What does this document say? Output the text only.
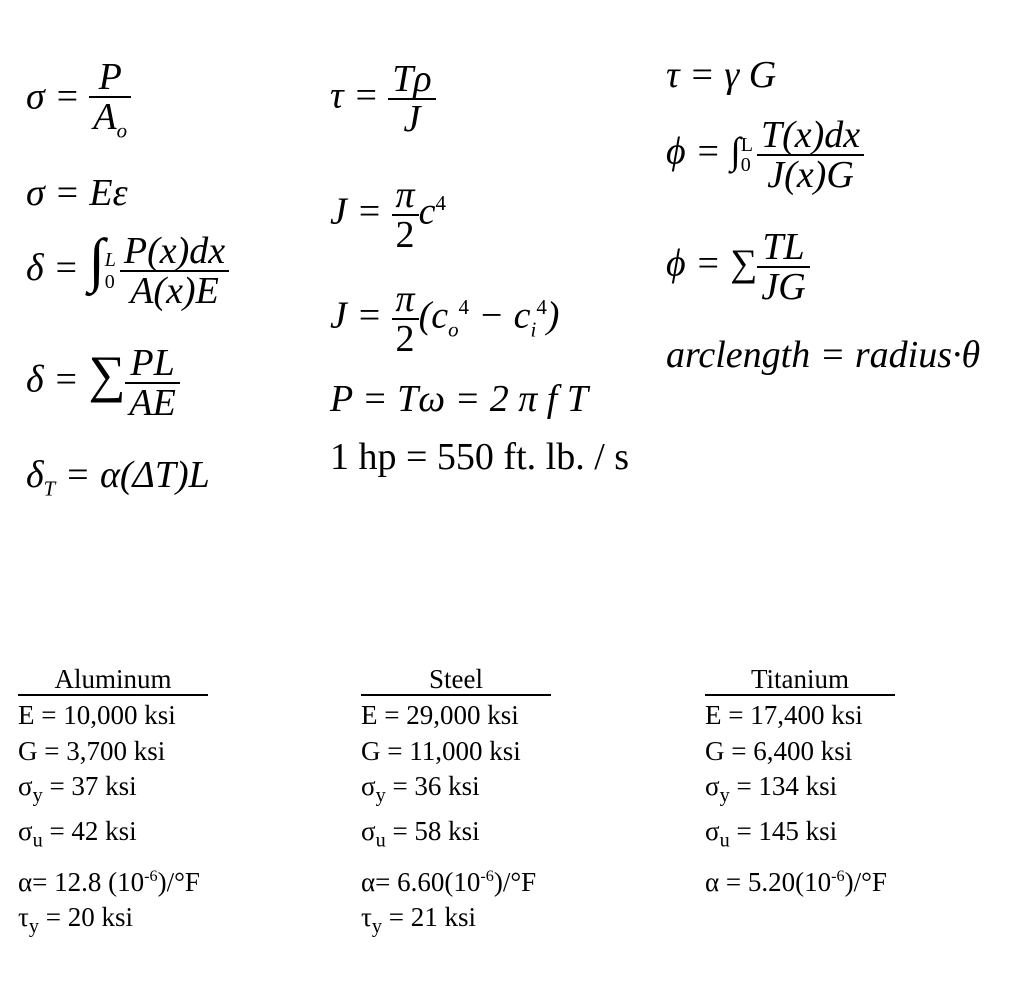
$\sigma = \frac{P}{A_o}$
σ = Eε
δ = ∫ L
$0 \frac{P(x)dx}{A(x)E}$
δ = ∑ $\frac{PL}{AE}$
$\delta_T = \alpha(\Delta T)L$
$\tau = \frac{T\rho}{J}$
$J = \frac{\pi}{2} c^4$
$J = \frac{\pi}{2} (c_o^4 - c_i^4)$
P = Tω = 2 π f T
1 hp = 550 ft. lb. / s
τ = γ G
ϕ = ∫ L
$0 \frac{T(x)dx}{J(x)G}$
ϕ = ∑ $\frac{TL}{JG}$
arclength = radius·θ
Aluminum
E = 10,000 ksi
G = 3,700 ksi
$\sigma_y = 37$ ksi
$\sigma_u = 42$ ksi
α= 12.8 $(10^{-6})/^\circ F$
$\tau_y = 20$ ksi
Steel
E = 29,000 ksi
G = 11,000 ksi
$\sigma_y = 36$ ksi
$\sigma_u = 58$ ksi
$\alpha= 6.60(10^{-6})/^\circ F$
$\tau_y = 21$ ksi
Titanium
E = 17,400 ksi
G = 6,400 ksi
$\sigma_y = 134$ ksi
$\sigma_u = 145$ ksi
$\alpha = 5.20(10^{-6})/^\circ F$
